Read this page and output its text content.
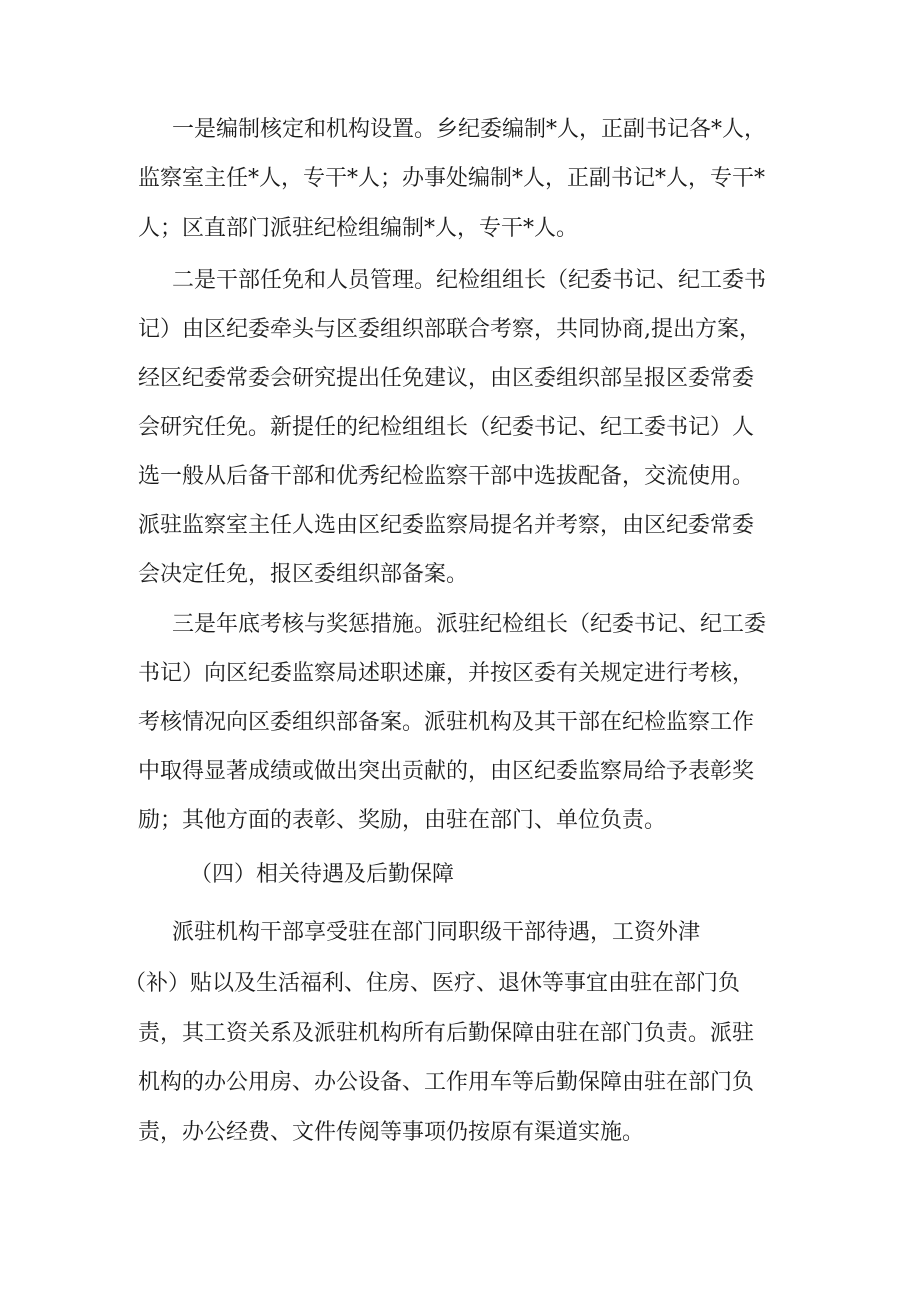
一是编制核定和机构设置。乡纪委编制*人，正副书记各*人，
监察室主任*人，专干*人；办事处编制*人，正副书记*人，专干*
人；区直部门派驻纪检组编制*人，专干*人。
二是干部任免和人员管理。纪检组组长（纪委书记、纪工委书
记）由区纪委牵头与区委组织部联合考察，共同协商,提出方案，
经区纪委常委会研究提出任免建议，由区委组织部呈报区委常委
会研究任免。新提任的纪检组组长（纪委书记、纪工委书记）人
选一般从后备干部和优秀纪检监察干部中选拔配备，交流使用。
派驻监察室主任人选由区纪委监察局提名并考察，由区纪委常委
会决定任免，报区委组织部备案。
三是年底考核与奖惩措施。派驻纪检组长（纪委书记、纪工委
书记）向区纪委监察局述职述廉，并按区委有关规定进行考核，
考核情况向区委组织部备案。派驻机构及其干部在纪检监察工作
中取得显著成绩或做出突出贡献的，由区纪委监察局给予表彰奖
励；其他方面的表彰、奖励，由驻在部门、单位负责。
（四）相关待遇及后勤保障
派驻机构干部享受驻在部门同职级干部待遇，工资外津
（补）贴以及生活福利、住房、医疗、退休等事宜由驻在部门负
责，其工资关系及派驻机构所有后勤保障由驻在部门负责。派驻
机构的办公用房、办公设备、工作用车等后勤保障由驻在部门负
责，办公经费、文件传阅等事项仍按原有渠道实施。
